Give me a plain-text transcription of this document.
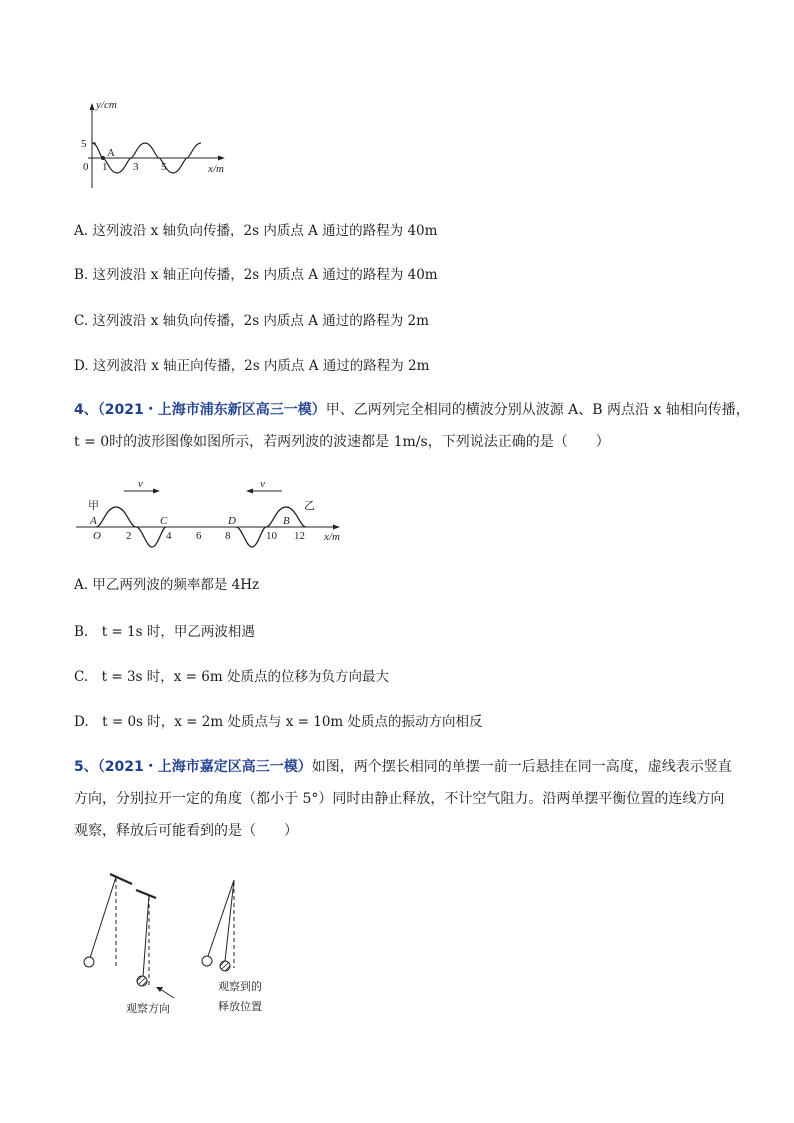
y/cm
5
0
A
1 3 5	x/m
A. 这列波沿 x 轴负向传播，2s 内质点 A 通过的路程为 40m
B. 这列波沿 x 轴正向传播，2s 内质点 A 通过的路程为 40m
C. 这列波沿 x 轴负向传播，2s 内质点 A 通过的路程为 2m
D. 这列波沿 x 轴正向传播，2s 内质点 A 通过的路程为 2m
4、（2021・上海市浦东新区高三一模）甲、乙两列完全相同的横波分别从波源 A、B 两点沿 x 轴相向传播，
t = 0时的波形图像如图所示，若两列波的波速都是 1m/s，下列说法正确的是（　　）
v	v
甲	乙
A	C	D	B
O 2	4 6 8	10 12 x/m
A. 甲乙两列波的频率都是 4Hz
B.　t = 1s 时，甲乙两波相遇
C.　t = 3s 时，x = 6m 处质点的位移为负方向最大
D.　t = 0s 时，x = 2m 处质点与 x = 10m 处质点的振动方向相反
5、（2021・上海市嘉定区高三一模）如图，两个摆长相同的单摆一前一后悬挂在同一高度，虚线表示竖直
方向，分别拉开一定的角度（都小于 5°）同时由静止释放，不计空气阻力。沿两单摆平衡位置的连线方向
观察，释放后可能看到的是（　　）
观察方向
观察到的
释放位置
